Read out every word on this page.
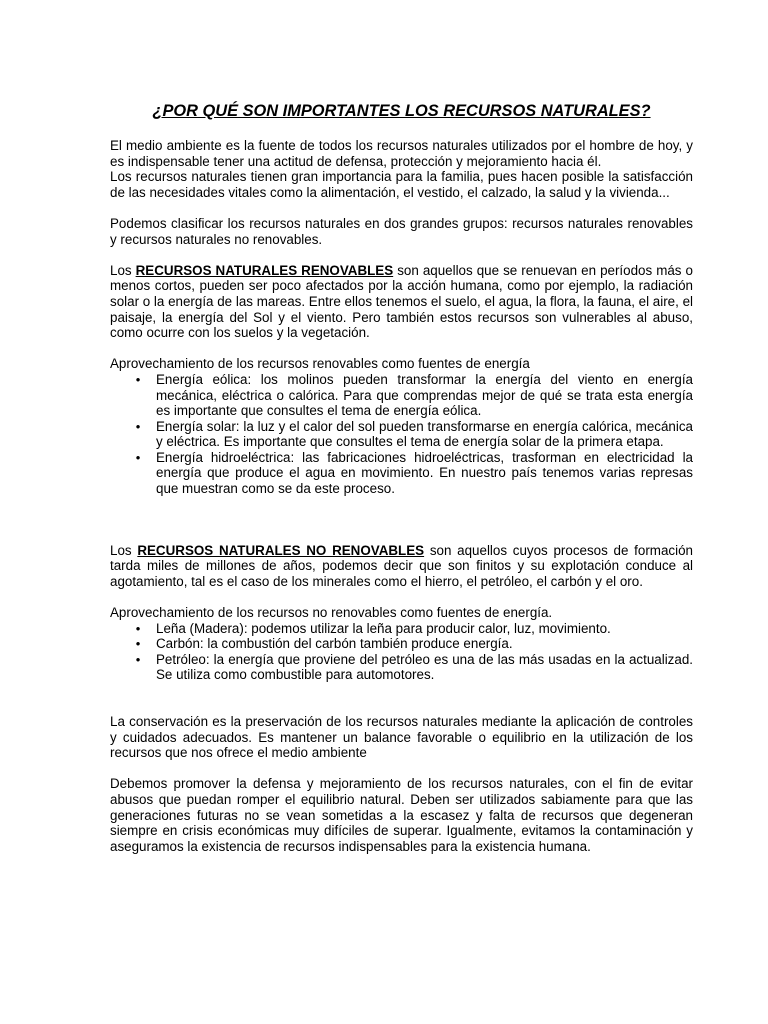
¿POR QUÉ SON IMPORTANTES LOS RECURSOS NATURALES?

El medio ambiente es la fuente de todos los recursos naturales utilizados por el hombre de hoy, y es indispensable tener una actitud de defensa, protección y mejoramiento hacia él.

Los recursos naturales tienen gran importancia para la familia, pues hacen posible la satisfacción de las necesidades vitales como la alimentación, el vestido, el calzado, la salud y la vivienda...

Podemos clasificar los recursos naturales en dos grandes grupos: recursos naturales renovables y recursos naturales no renovables.

Los RECURSOS NATURALES RENOVABLES son aquellos que se renuevan en períodos más o menos cortos, pueden ser poco afectados por la acción humana, como por ejemplo, la radiación solar o la energía de las mareas. Entre ellos tenemos el suelo, el agua, la flora, la fauna, el aire, el paisaje, la energía del Sol y el viento. Pero también estos recursos son vulnerables al abuso, como ocurre con los suelos y la vegetación.

Aprovechamiento de los recursos renovables como fuentes de energía

• Energía eólica: los molinos pueden transformar la energía del viento en energía mecánica, eléctrica o calórica. Para que comprendas mejor de qué se trata esta energía es importante que consultes el tema de energía eólica.
• Energía solar: la luz y el calor del sol pueden transformarse en energía calórica, mecánica y eléctrica. Es importante que consultes el tema de energía solar de la primera etapa.
• Energía hidroeléctrica: las fabricaciones hidroeléctricas, trasforman en electricidad la energía que produce el agua en movimiento. En nuestro país tenemos varias represas que muestran como se da este proceso.

Los RECURSOS NATURALES NO RENOVABLES son aquellos cuyos procesos de formación tarda miles de millones de años, podemos decir que son finitos y su explotación conduce al agotamiento, tal es el caso de los minerales como el hierro, el petróleo, el carbón y el oro.

Aprovechamiento de los recursos no renovables como fuentes de energía.

• Leña (Madera): podemos utilizar la leña para producir calor, luz, movimiento.
• Carbón: la combustión del carbón también produce energía.
• Petróleo: la energía que proviene del petróleo es una de las más usadas en la actualizad. Se utiliza como combustible para automotores.

La conservación es la preservación de los recursos naturales mediante la aplicación de controles y cuidados adecuados. Es mantener un balance favorable o equilibrio en la utilización de los recursos que nos ofrece el medio ambiente

Debemos promover la defensa y mejoramiento de los recursos naturales, con el fin de evitar abusos que puedan romper el equilibrio natural. Deben ser utilizados sabiamente para que las generaciones futuras no se vean sometidas a la escasez y falta de recursos que degeneran siempre en crisis económicas muy difíciles de superar. Igualmente, evitamos la contaminación y aseguramos la existencia de recursos indispensables para la existencia humana.
